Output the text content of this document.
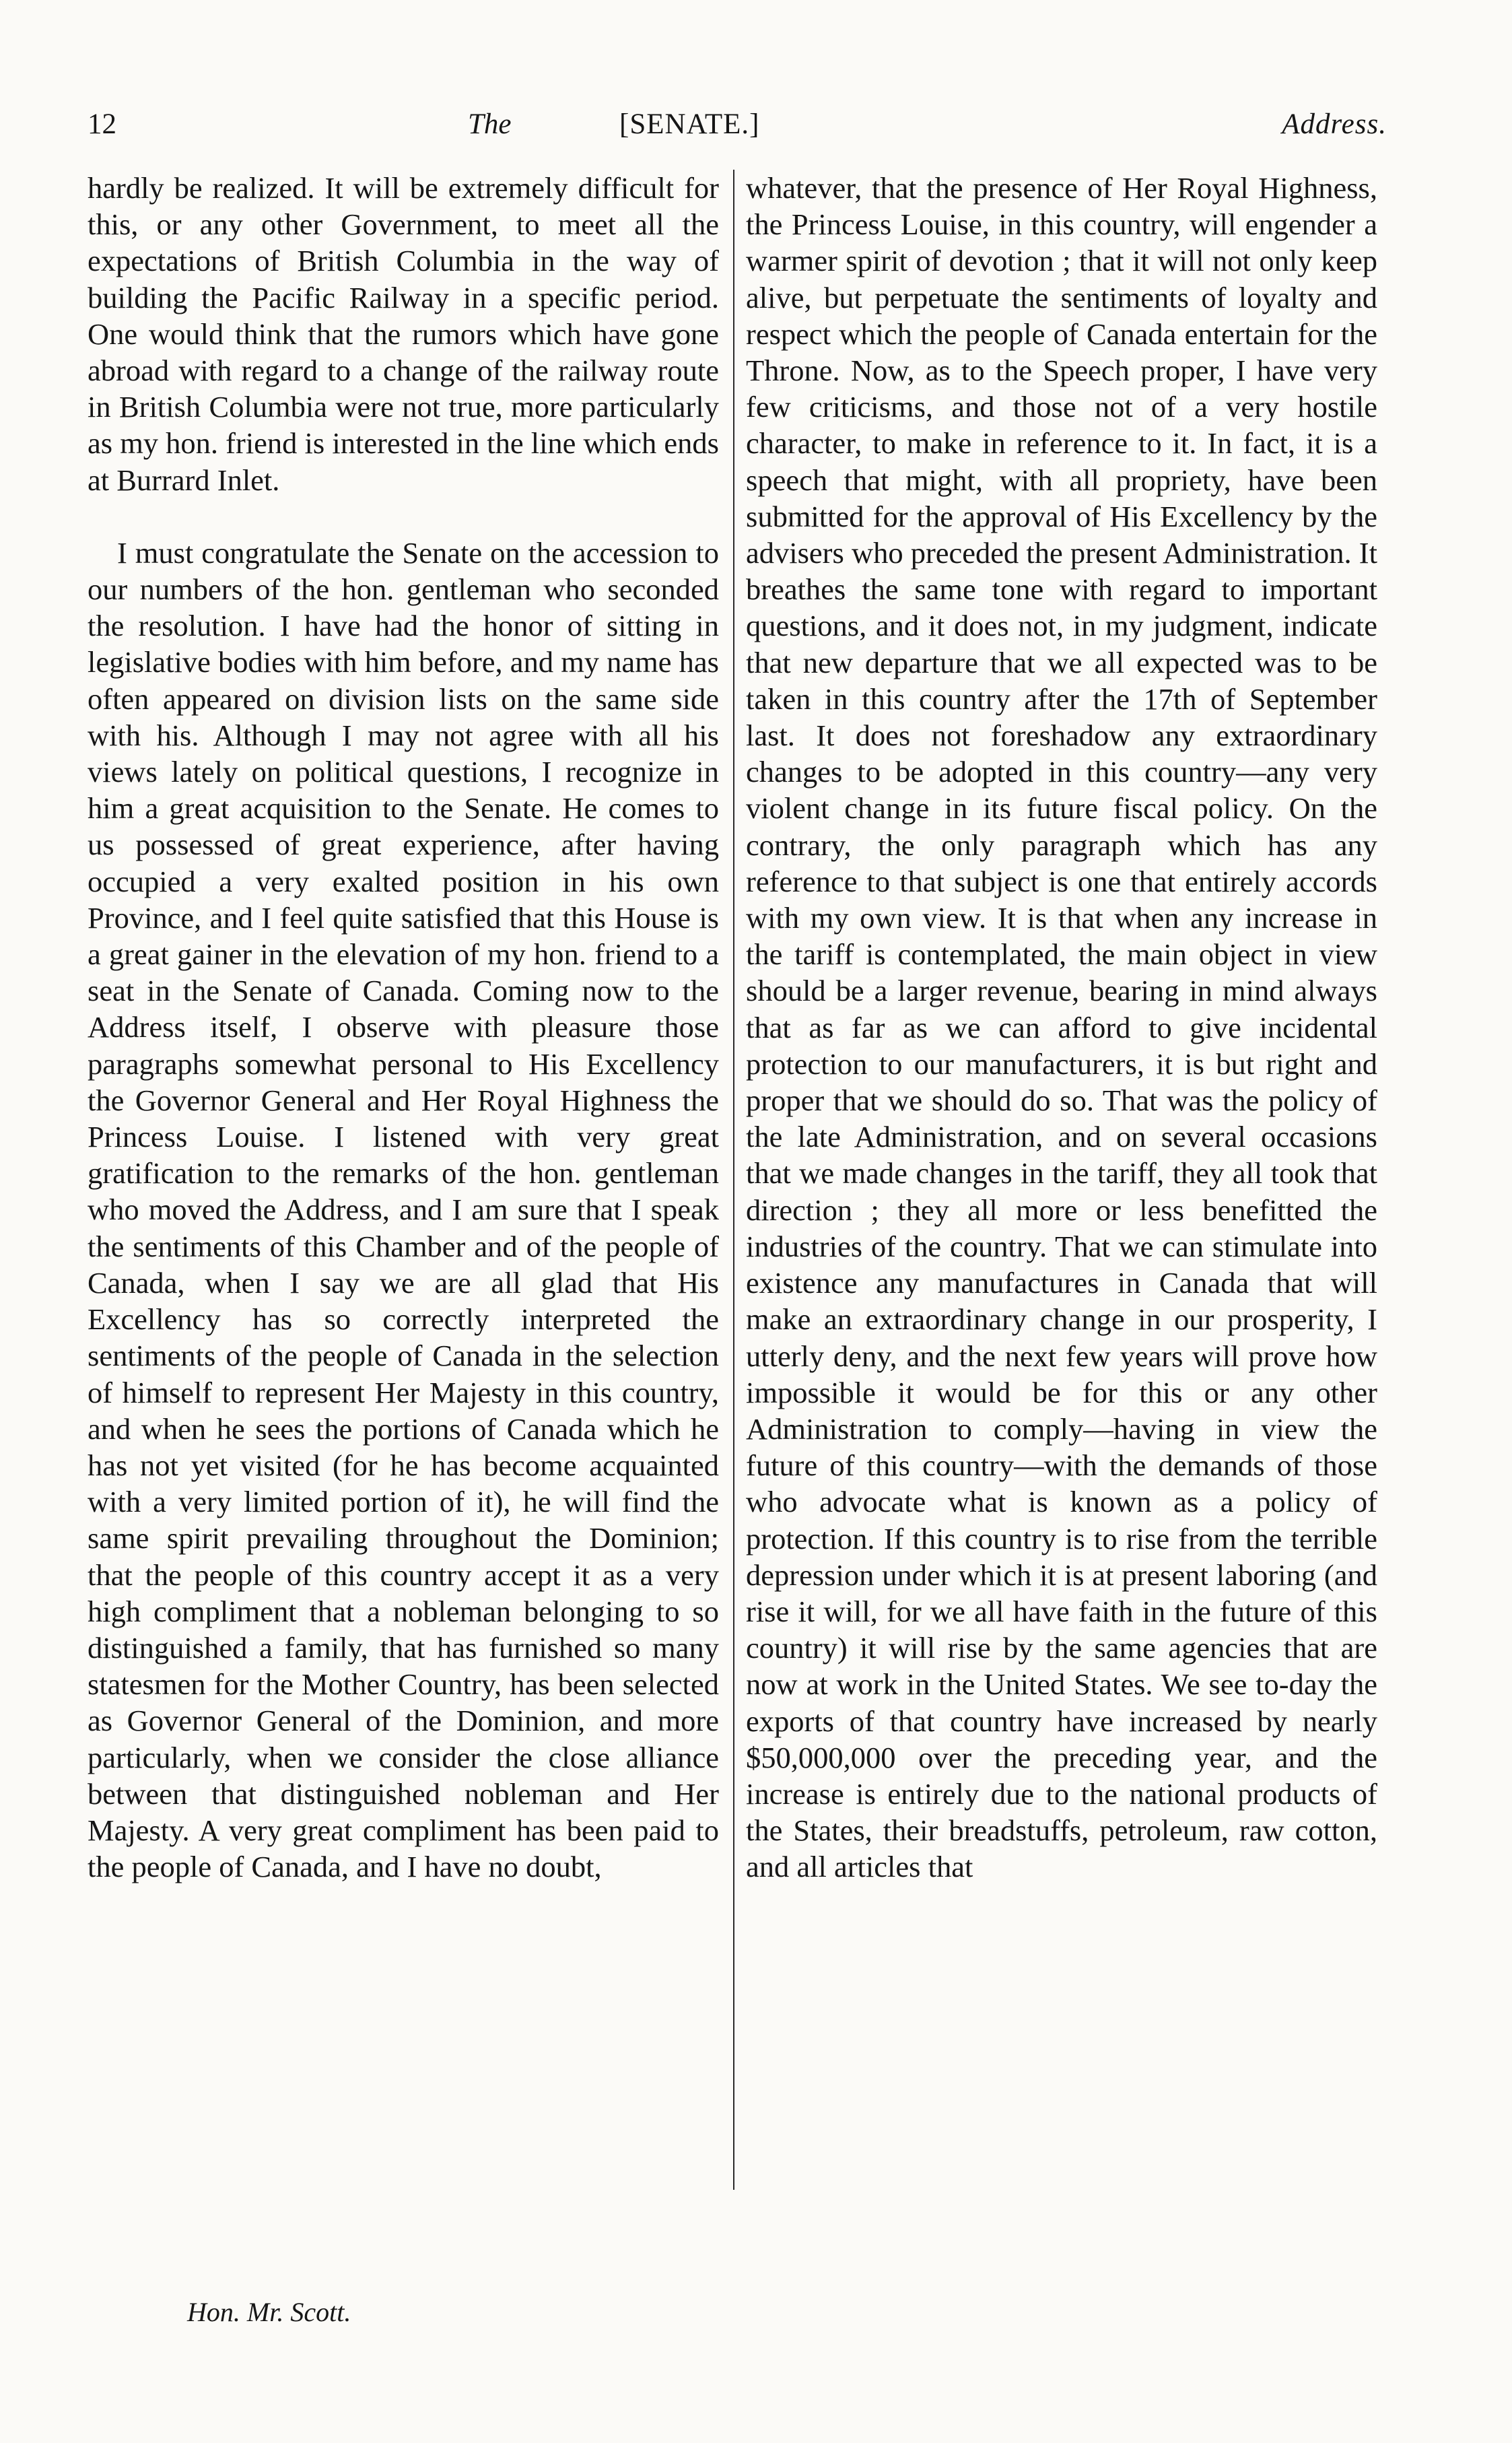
12	The	[SENATE.]	Address.

hardly be realized. It will be extremely difficult for this, or any other Government, to meet all the expectations of British Columbia in the way of building the Pacific Railway in a specific period. One would think that the rumors which have gone abroad with regard to a change of the railway route in British Columbia were not true, more particularly as my hon. friend is interested in the line which ends at Burrard Inlet.

I must congratulate the Senate on the accession to our numbers of the hon. gentleman who seconded the resolution. I have had the honor of sitting in legislative bodies with him before, and my name has often appeared on division lists on the same side with his. Although I may not agree with all his views lately on political questions, I recognize in him a great acquisition to the Senate. He comes to us possessed of great experience, after having occupied a very exalted position in his own Province, and I feel quite satisfied that this House is a great gainer in the elevation of my hon. friend to a seat in the Senate of Canada. Coming now to the Address itself, I observe with pleasure those paragraphs somewhat personal to His Excellency the Governor General and Her Royal Highness the Princess Louise. I listened with very great gratification to the remarks of the hon. gentleman who moved the Address, and I am sure that I speak the sentiments of this Chamber and of the people of Canada, when I say we are all glad that His Excellency has so correctly interpreted the sentiments of the people of Canada in the selection of himself to represent Her Majesty in this country, and when he sees the portions of Canada which he has not yet visited (for he has become acquainted with a very limited portion of it), he will find the same spirit prevailing throughout the Dominion; that the people of this country accept it as a very high compliment that a nobleman belonging to so distinguished a family, that has furnished so many statesmen for the Mother Country, has been selected as Governor General of the Dominion, and more particularly, when we consider the close alliance between that distinguished nobleman and Her Majesty. A very great compliment has been paid to the people of Canada, and I have no doubt,

whatever, that the presence of Her Royal Highness, the Princess Louise, in this country, will engender a warmer spirit of devotion ; that it will not only keep alive, but perpetuate the sentiments of loyalty and respect which the people of Canada entertain for the Throne. Now, as to the Speech proper, I have very few criticisms, and those not of a very hostile character, to make in reference to it. In fact, it is a speech that might, with all propriety, have been submitted for the approval of His Excellency by the advisers who preceded the present Administration. It breathes the same tone with regard to important questions, and it does not, in my judgment, indicate that new departure that we all expected was to be taken in this country after the 17th of September last. It does not foreshadow any extraordinary changes to be adopted in this country—any very violent change in its future fiscal policy. On the contrary, the only paragraph which has any reference to that subject is one that entirely accords with my own view. It is that when any increase in the tariff is contemplated, the main object in view should be a larger revenue, bearing in mind always that as far as we can afford to give incidental protection to our manufacturers, it is but right and proper that we should do so. That was the policy of the late Administration, and on several occasions that we made changes in the tariff, they all took that direction ; they all more or less benefitted the industries of the country. That we can stimulate into existence any manufactures in Canada that will make an extraordinary change in our prosperity, I utterly deny, and the next few years will prove how impossible it would be for this or any other Administration to comply—having in view the future of this country—with the demands of those who advocate what is known as a policy of protection. If this country is to rise from the terrible depression under which it is at present laboring (and rise it will, for we all have faith in the future of this country) it will rise by the same agencies that are now at work in the United States. We see to-day the exports of that country have increased by nearly $50,000,000 over the preceding year, and the increase is entirely due to the national products of the States, their breadstuffs, petroleum, raw cotton, and all articles that

Hon. Mr. Scott.
